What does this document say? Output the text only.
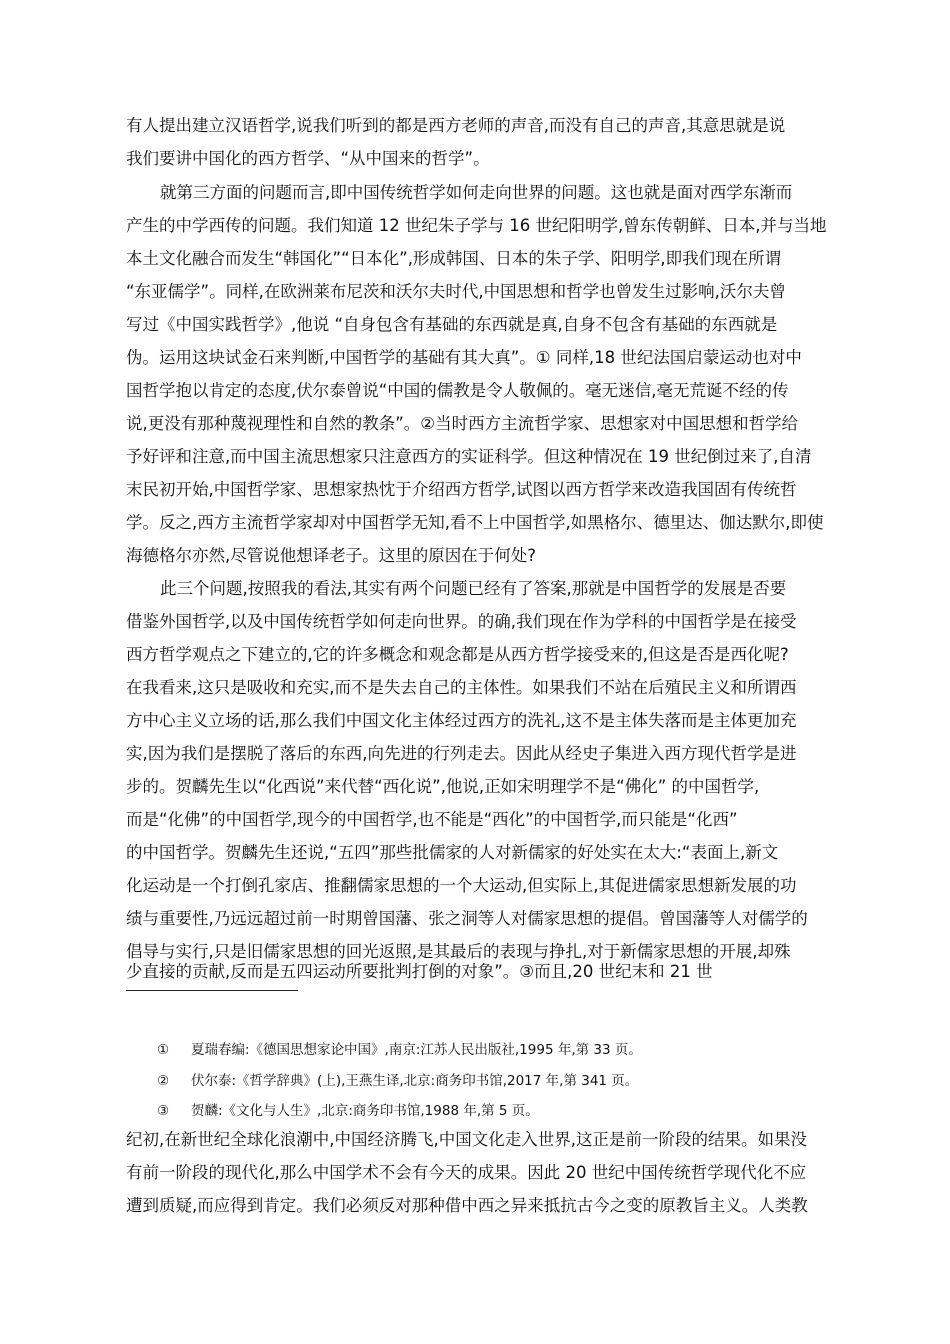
有人提出建立汉语哲学,说我们听到的都是西方老师的声音,而没有自己的声音,其意思就是说
我们要讲中国化的西方哲学、“从中国来的哲学”。
就第三方面的问题而言,即中国传统哲学如何走向世界的问题。这也就是面对西学东渐而
产生的中学西传的问题。我们知道 12 世纪朱子学与 16 世纪阳明学,曾东传朝鲜、日本,并与当地
本土文化融合而发生“韩国化”“日本化”,形成韩国、日本的朱子学、阳明学,即我们现在所谓
“东亚儒学”。同样,在欧洲莱布尼茨和沃尔夫时代,中国思想和哲学也曾发生过影响,沃尔夫曾
写过《中国实践哲学》,他说 “自身包含有基础的东西就是真,自身不包含有基础的东西就是
伪。运用这块试金石来判断,中国哲学的基础有其大真”。① 同样,18 世纪法国启蒙运动也对中
国哲学抱以肯定的态度,伏尔泰曾说“中国的儒教是令人敬佩的。毫无迷信,毫无荒诞不经的传
说,更没有那种蔑视理性和自然的教条”。②当时西方主流哲学家、思想家对中国思想和哲学给
予好评和注意,而中国主流思想家只注意西方的实证科学。但这种情况在 19 世纪倒过来了,自清
末民初开始,中国哲学家、思想家热忱于介绍西方哲学,试图以西方哲学来改造我国固有传统哲
学。反之,西方主流哲学家却对中国哲学无知,看不上中国哲学,如黑格尔、德里达、伽达默尔,即使
海德格尔亦然,尽管说他想译老子。这里的原因在于何处?
此三个问题,按照我的看法,其实有两个问题已经有了答案,那就是中国哲学的发展是否要
借鉴外国哲学,以及中国传统哲学如何走向世界。的确,我们现在作为学科的中国哲学是在接受
西方哲学观点之下建立的,它的许多概念和观念都是从西方哲学接受来的,但这是否是西化呢?
在我看来,这只是吸收和充实,而不是失去自己的主体性。如果我们不站在后殖民主义和所谓西
方中心主义立场的话,那么我们中国文化主体经过西方的洗礼,这不是主体失落而是主体更加充
实,因为我们是摆脱了落后的东西,向先进的行列走去。因此从经史子集进入西方现代哲学是进
步的。贺麟先生以“化西说”来代替“西化说”,他说,正如宋明理学不是“佛化” 的中国哲学,
而是“化佛”的中国哲学,现今的中国哲学,也不能是“西化”的中国哲学,而只能是“化西”
的中国哲学。贺麟先生还说,“五四”那些批儒家的人对新儒家的好处实在太大:“表面上,新文
化运动是一个打倒孔家店、推翻儒家思想的一个大运动,但实际上,其促进儒家思想新发展的功
绩与重要性,乃远远超过前一时期曾国藩、张之洞等人对儒家思想的提倡。曾国藩等人对儒学的
倡导与实行,只是旧儒家思想的回光返照,是其最后的表现与挣扎,对于新儒家思想的开展,却殊
少直接的贡献,反而是五四运动所要批判打倒的对象”。③而且,20 世纪末和 21 世
① 夏瑞春编:《德国思想家论中国》,南京:江苏人民出版社,1995 年,第 33 页。
② 伏尔泰:《哲学辞典》(上),王燕生译,北京:商务印书馆,2017 年,第 341 页。
③ 贺麟:《文化与人生》,北京:商务印书馆,1988 年,第 5 页。
纪初,在新世纪全球化浪潮中,中国经济腾飞,中国文化走入世界,这正是前一阶段的结果。如果没
有前一阶段的现代化,那么中国学术不会有今天的成果。因此 20 世纪中国传统哲学现代化不应
遭到质疑,而应得到肯定。我们必须反对那种借中西之异来抵抗古今之变的原教旨主义。人类教
